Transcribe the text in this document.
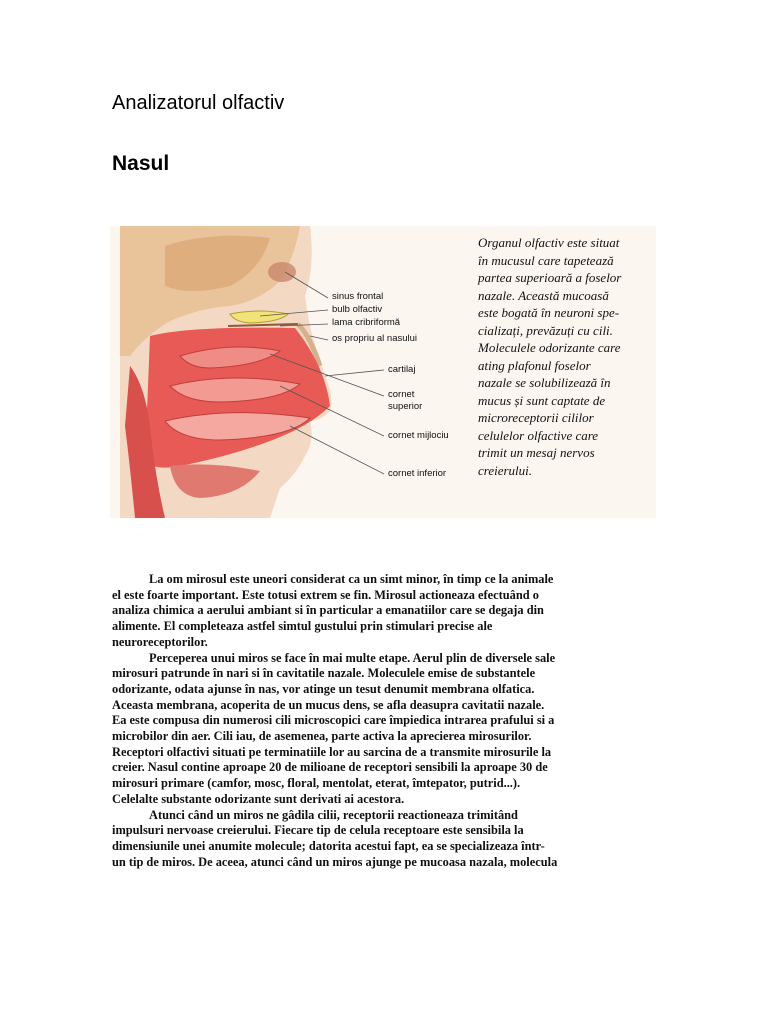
Analizatorul olfactiv
Nasul
sinus frontal
bulb olfactiv
lama cribriformă
os propriu al nasului
cartilaj
cornet
superior
cornet mijlociu
cornet inferior
Organul olfactiv este situat
în mucusul care tapetează
partea superioară a foselor
nazale. Această mucoasă
este bogată în neuroni spe-
cializați, prevăzuți cu cili.
Moleculele odorizante care
ating plafonul foselor
nazale se solubilizează în
mucus și sunt captate de
microreceptorii cililor
celulelor olfactive care
trimit un mesaj nervos
creierului.
La om mirosul este uneori considerat ca un simt minor, în timp ce la animale
el este foarte important. Este totusi extrem se fin. Mirosul actioneaza efectuând o
analiza chimica a aerului ambiant si în particular a emanatiilor care se degaja din
alimente. El completeaza astfel simtul gustului prin stimulari precise ale
neuroreceptorilor.
Perceperea unui miros se face în mai multe etape. Aerul plin de diverselе sale
mirosuri patrunde în nari si în cavitatile nazale. Moleculele emise de substantele
odorizante, odata ajunse în nas, vor atinge un tesut denumit membrana olfatica.
Aceasta membrana, acoperita de un mucus dens, se afla deasupra cavitatii nazale.
Ea este compusa din numerosi cili microscopici care împiedica intrarea prafului si a
microbilor din aer. Cili iau, de asemenea, parte activa la aprecierea mirosurilor.
Receptori olfactivi situati pe terminatiile lor au sarcina de a transmite mirosurile la
creier. Nasul contine aproape 20 de milioane de receptori sensibili la aproape 30 de
mirosuri primare (camfor, mosc, floral, mentolat, eterat, îmtepator, putrid...).
Celelalte substante odorizante sunt derivati ai acestora.
Atunci când un miros ne gâdila cilii, receptorii reactioneaza trimitând
impulsuri nervoase creierului. Fiecare tip de celula receptoare este sensibila la
dimensiunile unei anumite molecule; datorita acestui fapt, ea se specializeaza într-
un tip de miros. De aceea, atunci când un miros ajunge pe mucoasa nazala, molecula
